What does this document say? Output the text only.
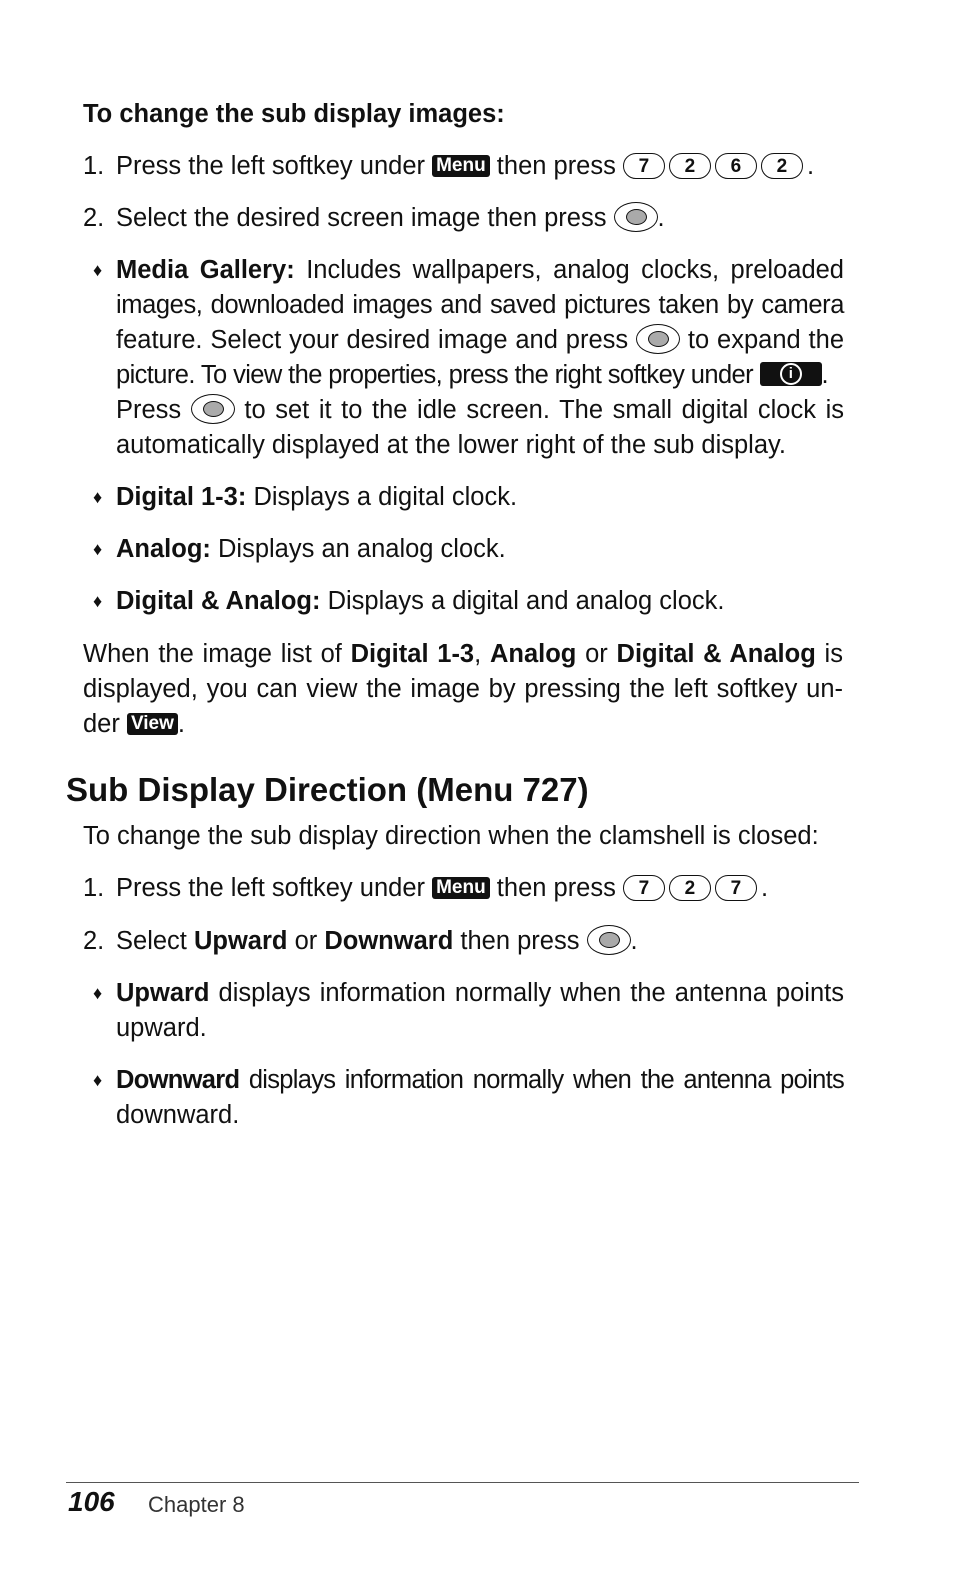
To change the sub display images:

1. Press the left softkey under Menu then press 7 2 6 2 .

2. Select the desired screen image then press .

♦ Media Gallery: Includes wallpapers, analog clocks, preloaded
images, downloaded images and saved pictures taken by camera
feature. Select your desired image and press to expand the
picture. To view the properties, press the right softkey under i	.
Press to set it to the idle screen. The small digital clock is
automatically displayed at the lower right of the sub display.
♦ Digital 1-3: Displays a digital clock.

♦ Analog: Displays an analog clock.

♦ Digital & Analog: Displays a digital and analog clock.

When the image list of Digital 1-3, Analog or Digital & Analog is
displayed, you can view the image by pressing the left softkey un-
der View .
Sub Display Direction (Menu 727)

To change the sub display direction when the clamshell is closed:

1. Press the left softkey under Menu then press 7 2 7 .

2. Select Upward or Downward then press .

♦ Upward displays information normally when the antenna points
upward.
♦ Downward displays information normally when the antenna points
downward.
106 Chapter 8
